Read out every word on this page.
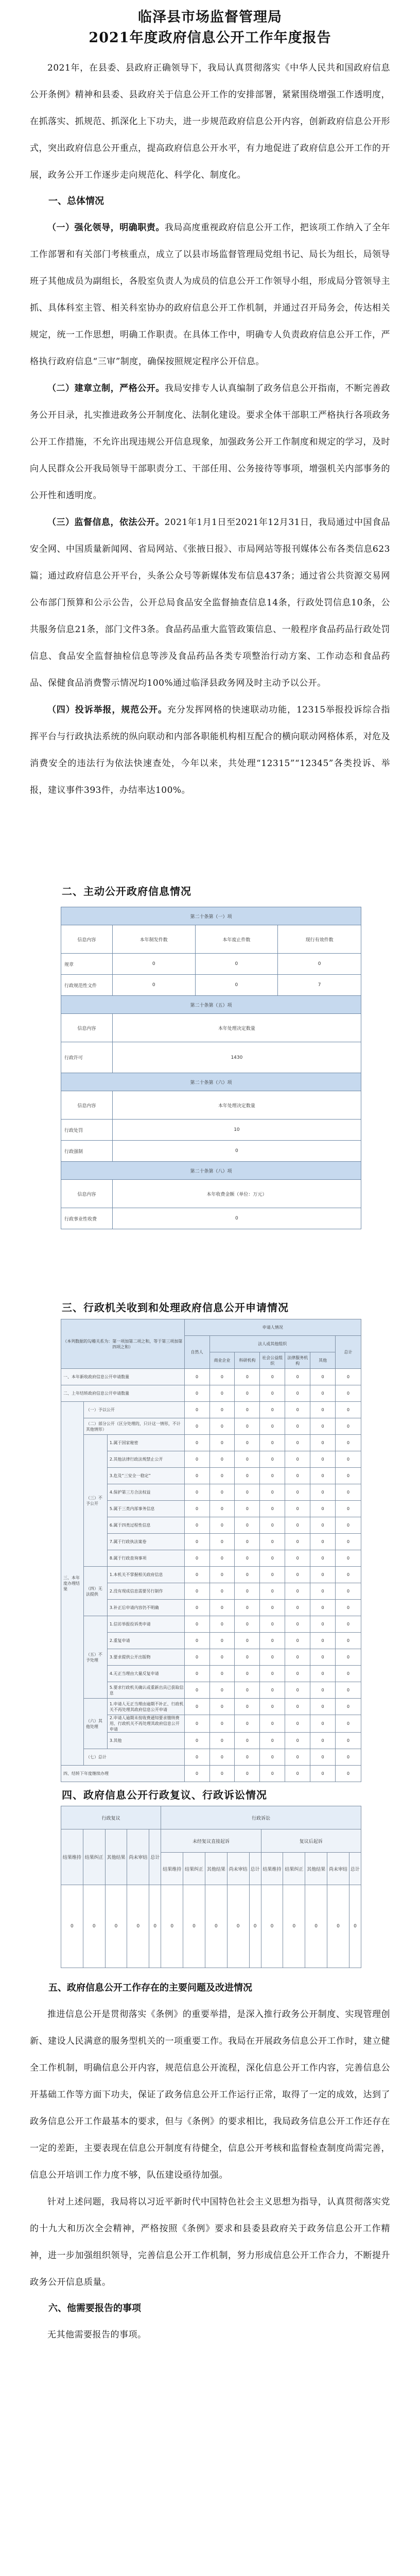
临泽县市场监督管理局
2021年度政府信息公开工作年度报告

2021年，在县委、县政府正确领导下，我局认真贯彻落实《中华人民共和国政府信息公开条例》精神和县委、县政府关于信息公开工作的安排部署，紧紧围绕增强工作透明度，在抓落实、抓规范、抓深化上下功夫，进一步规范政府信息公开内容，创新政府信息公开形式，突出政府信息公开重点，提高政府信息公开水平，有力地促进了政府信息公开工作的开展，政务公开工作逐步走向规范化、科学化、制度化。

一、总体情况

（一）强化领导，明确职责。我局高度重视政府信息公开工作，把该项工作纳入了全年工作部署和有关部门考核重点，成立了以县市场监督管理局党组书记、局长为组长，局领导班子其他成员为副组长，各股室负责人为成员的信息公开工作领导小组，形成局分管领导主抓、具体科室主管、相关科室协办的政府信息公开工作机制，并通过召开局务会，传达相关规定，统一工作思想，明确工作职责。在具体工作中，明确专人负责政府信息公开工作，严格执行政府信息“三审”制度，确保按照规定程序公开信息。

（二）建章立制，严格公开。我局安排专人认真编制了政务信息公开指南，不断完善政务公开目录，扎实推进政务公开制度化、法制化建设。要求全体干部职工严格执行各项政务公开工作措施，不允许出现违规公开信息现象，加强政务公开工作制度和规定的学习，及时向人民群众公开我局领导干部职责分工、干部任用、公务接待等事项，增强机关内部事务的公开性和透明度。

（三）监督信息，依法公开。2021年1月1日至2021年12月31日，我局通过中国食品安全网、中国质量新闻网、省局网站、《张掖日报》、市局网站等报刊媒体公布各类信息623篇；通过政府信息公开平台，头条公众号等新媒体发布信息437条；通过省公共资源交易网公布部门预算和公示公告，公开总局食品安全监督抽查信息14条，行政处罚信息10条，公共服务信息21条，部门文件3条。食品药品重大监管政策信息、一般程序食品药品行政处罚信息、食品安全监督抽检信息等涉及食品药品各类专项整治行动方案、工作动态和食品药品、保健食品消费警示情况均100%通过临泽县政务网及时主动予以公开。

（四）投诉举报，规范公开。充分发挥网格的快速联动功能，12315举报投诉综合指挥平台与行政执法系统的纵向联动和内部各职能机构相互配合的横向联动网格体系，对危及消费安全的违法行为依法快速查处，今年以来，共处理“12315”“12345”各类投诉、举报，建议事件393件，办结率达100%。

二、主动公开政府信息情况
第二十条第（一）项			
信息内容	本年制发件数	本年废止件数	现行有效件数
规章	0	0	0
行政规范性文件	0	0	7
第二十条第（五）项			
信息内容	本年处理决定数量		
行政许可	1430		
第二十条第（六）项			
信息内容	本年处理决定数量		
行政处罚	10		
行政强制	0		
第二十条第（八）项			
信息内容	本年收费金额（单位：万元）		
行政事业性收费	0		
三、行政机关收到和处理政府信息公开申请情况
（本列数据的勾稽关系为：第一项加第二项之和，等于第三项加第四项之和）			申请人情况						
			自然人	法人或其他组织					总计
				商业企业	科研机构	社会公益组织	法律服务机构	其他	
一、本年新收政府信息公开申请数量			0	0	0	0	0	0	0
二、上年结转政府信息公开申请数量			0	0	0	0	0	0	0
三、本年度办理结果	（一）予以公开		0	0	0	0	0	0	0
	（二）部分公开（区分处理的，只计这一情形，不计其他情形）		0	0	0	0	0	0	0
	（三）不予公开	1.属于国家秘密	0	0	0	0	0	0	0
		2.其他法律行政法规禁止公开	0	0	0	0	0	0	0
		3.危及“三安全一稳定”	0	0	0	0	0	0	0
		4.保护第三方合法权益	0	0	0	0	0	0	0
		5.属于三类内部事务信息	0	0	0	0	0	0	0
		6.属于四类过程性信息	0	0	0	0	0	0	0
		7.属于行政执法案卷	0	0	0	0	0	0	0
		8.属于行政查询事项	0	0	0	0	0	0	0
	（四）无法提供	1.本机关不掌握相关政府信息	0	0	0	0	0	0	0
		2.没有现成信息需要另行制作	0	0	0	0	0	0	0
		3.补正后申请内容仍不明确	0	0	0	0	0	0	0
	（五）不予处理	1.信访举报投诉类申请	0	0	0	0	0	0	0
		2.重复申请	0	0	0	0	0	0	0
		3.要求提供公开出版物	0	0	0	0	0	0	0
		4.无正当理由大量反复申请	0	0	0	0	0	0	0
		5.要求行政机关确认或重新出具已获取信息	0	0	0	0	0	0	0
	（六）其他处理	1.申请人无正当理由逾期不补正、行政机关不再处理其政府信息公开申请	0	0	0	0	0	0	0
		2.申请人逾期未按收费通知要求缴纳费用、行政机关不再处理其政府信息公开申请	0	0	0	0	0	0	0
		3.其他	0	0	0	0	0	0	0
	（七）总计		0	0	0	0	0	0	0
四、结转下年度继续办理			0	0	0	0	0	0	0
四、政府信息公开行政复议、行政诉讼情况
行政复议					行政诉讼									
结果维持	结果纠正	其他结果	尚未审结	总计	未经复议直接起诉					复议后起诉				
					结果维持	结果纠正	其他结果	尚未审结	总计	结果维持	结果纠正	其他结果	尚未审结	总计
0	0	0	0	0	0	0	0	0	0	0	0	0	0	0
五、政府信息公开工作存在的主要问题及改进情况

推进信息公开是贯彻落实《条例》的重要举措，是深入推行政务公开制度、实现管理创新、建设人民满意的服务型机关的一项重要工作。我局在开展政务信息公开工作时，建立健全工作机制，明确信息公开内容，规范信息公开流程，深化信息公开工作内容，完善信息公开基础工作等方面下功夫，保证了政务信息公开工作运行正常，取得了一定的成效，达到了政务信息公开工作最基本的要求，但与《条例》的要求相比，我局政务信息公开工作还存在一定的差距，主要表现在信息公开制度有待健全，信息公开考核和监督检查制度尚需完善，信息公开培训工作力度不够，队伍建设亟待加强。

针对上述问题，我局将以习近平新时代中国特色社会主义思想为指导，认真贯彻落实党的十九大和历次全会精神，严格按照《条例》要求和县委县政府关于政务信息公开工作精神，进一步加强组织领导，完善信息公开工作机制，努力形成信息公开工作合力，不断提升政务公开信息质量。

六、他需要报告的事项

无其他需要报告的事项。
